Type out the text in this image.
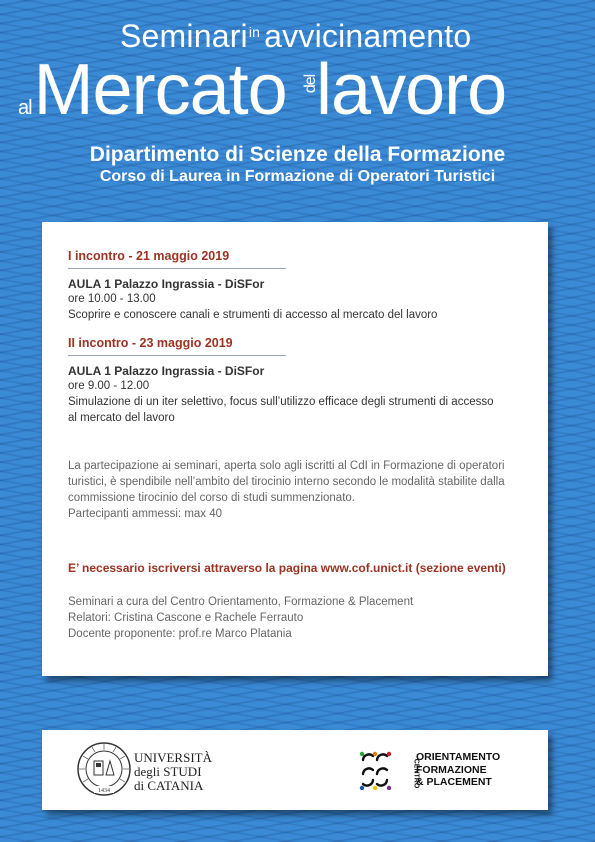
Seminari$^{in}$ avvicinamento
alMercato dellavoro
Dipartimento di Scienze della Formazione
Corso di Laurea in Formazione di Operatori Turistici
I incontro - 21 maggio 2019
AULA 1 Palazzo Ingrassia - DiSFor
ore 10.00 - 13.00
Scoprire e conoscere canali e strumenti di accesso al mercato del lavoro
II incontro - 23 maggio 2019
AULA 1 Palazzo Ingrassia - DiSFor
ore 9.00 - 12.00
Simulazione di un iter selettivo, focus sull’utilizzo efficace degli strumenti di accesso
al mercato del lavoro
La partecipazione ai seminari, aperta solo agli iscritti al CdI in Formazione di operatori
turistici, è spendibile nell’ambito del tirocinio interno secondo le modalità stabilite dalla
commissione tirocinio del corso di studi summenzionato.
Partecipanti ammessi: max 40
E’ necessario iscriversi attraverso la pagina www.cof.unict.it (sezione eventi)
Seminari a cura del Centro Orientamento, Formazione & Placement
Relatori: Cristina Cascone e Rachele Ferrauto
Docente proponente: prof.re Marco Platania
1434
UNIVERSITÀ
degli STUDI
di CATANIA	CENTRO
ORIENTAMENTO
FORMAZIONE
& PLACEMENT
